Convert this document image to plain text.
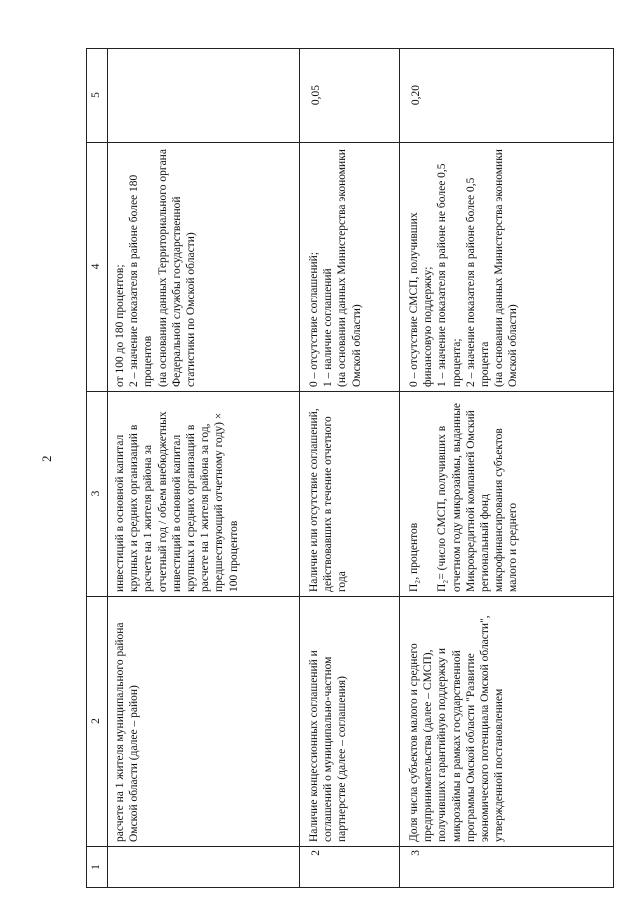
2
1
2
3
4
5
расчете на 1 жителя муниципального района Омской области (далее – район)
инвестиций в основной капитал крупных и средних организаций в расчете на 1 жителя района за отчетный год / объем внебюджетных инвестиций в основной капитал крупных и средних организаций в расчете на 1 жителя района за год, предшествующий отчетному году) × 100 процентов
от 100 до 180 процентов;
2 – значение показателя в районе более 180 процентов
(на основании данных Территориального органа Федеральной службы государственной статистики по Омской области)
2
Наличие концессионных соглашений и соглашений о муниципально-частном партнерстве (далее – соглашения)
Наличие или отсутствие соглашений, действовавших в течение отчетного года
0 – отсутствие соглашений;
1 – наличие соглашений
(на основании данных Министерства экономики Омской области)
0,05
3
Доля числа субъектов малого и среднего предпринимательства (далее – СМСП), получивших гарантийную поддержку и микрозаймы в рамках государственной программы Омской области "Развитие экономического потенциала Омской области", утвержденной постановлением
П₂, процентов

П₂= (число СМСП, получивших в отчетном году микрозаймы, выданные Микрокредитной компанией Омский региональный фонд микрофинансирования субъектов малого и среднего
0 – отсутствие СМСП, получивших финансовую поддержку;
1 – значение показателя в районе не более 0,5 процента;
2 – значение показателя в районе более 0,5 процента
(на основании данных Министерства экономики Омской области)
0,20
